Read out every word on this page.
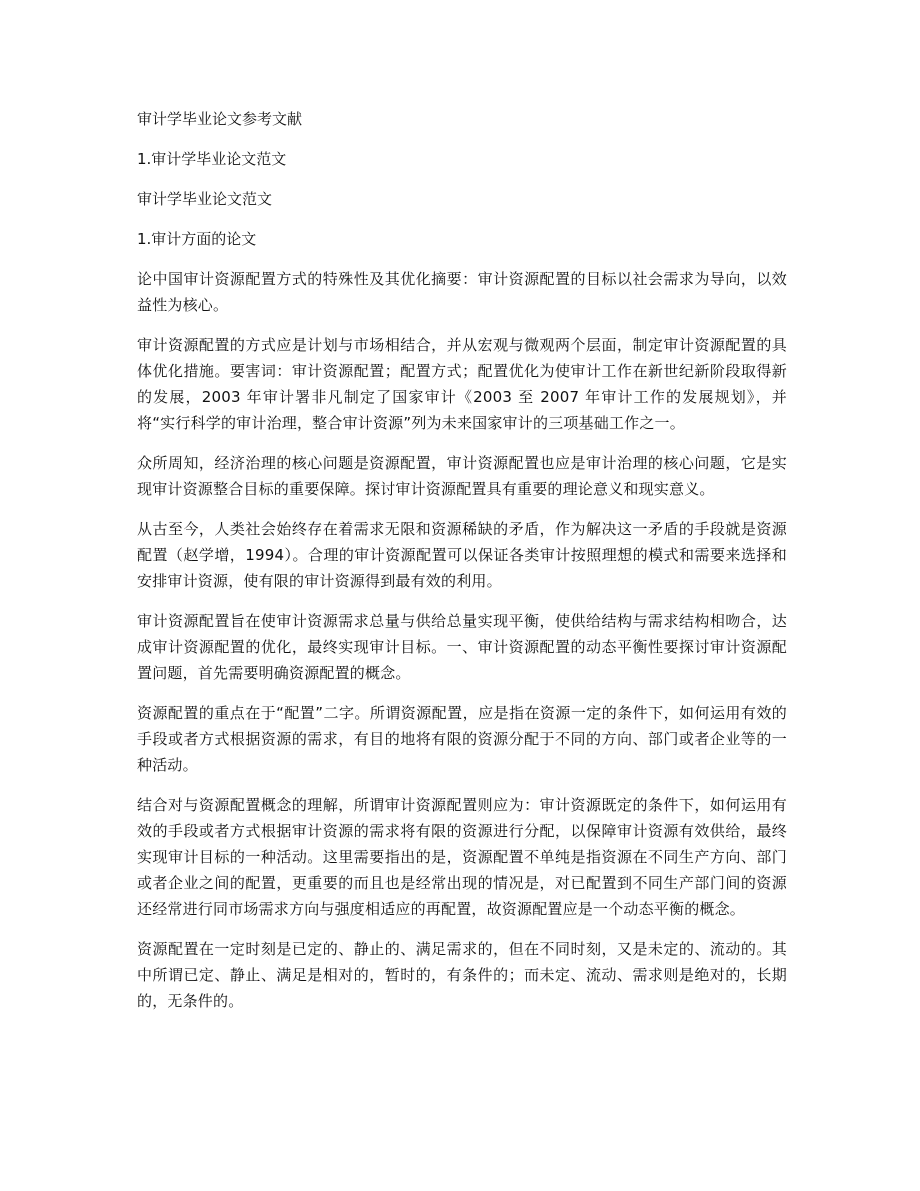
审计学毕业论文参考文献
1.审计学毕业论文范文
审计学毕业论文范文
1.审计方面的论文

论中国审计资源配置方式的特殊性及其优化摘要：审计资源配置的目标以社会需求为导向，以效益性为核心。

审计资源配置的方式应是计划与市场相结合，并从宏观与微观两个层面，制定审计资源配置的具体优化措施。要害词：审计资源配置；配置方式；配置优化为使审计工作在新世纪新阶段取得新的发展，2003 年审计署非凡制定了国家审计《2003 至 2007 年审计工作的发展规划》，并将“实行科学的审计治理，整合审计资源”列为未来国家审计的三项基础工作之一。

众所周知，经济治理的核心问题是资源配置，审计资源配置也应是审计治理的核心问题，它是实现审计资源整合目标的重要保障。探讨审计资源配置具有重要的理论意义和现实意义。

从古至今，人类社会始终存在着需求无限和资源稀缺的矛盾，作为解决这一矛盾的手段就是资源配置（赵学增，1994）。合理的审计资源配置可以保证各类审计按照理想的模式和需要来选择和安排审计资源，使有限的审计资源得到最有效的利用。

审计资源配置旨在使审计资源需求总量与供给总量实现平衡，使供给结构与需求结构相吻合，达成审计资源配置的优化，最终实现审计目标。一、审计资源配置的动态平衡性要探讨审计资源配置问题，首先需要明确资源配置的概念。

资源配置的重点在于“配置”二字。所谓资源配置，应是指在资源一定的条件下，如何运用有效的手段或者方式根据资源的需求，有目的地将有限的资源分配于不同的方向、部门或者企业等的一种活动。

结合对与资源配置概念的理解，所谓审计资源配置则应为：审计资源既定的条件下，如何运用有效的手段或者方式根据审计资源的需求将有限的资源进行分配，以保障审计资源有效供给，最终实现审计目标的一种活动。这里需要指出的是，资源配置不单纯是指资源在不同生产方向、部门或者企业之间的配置，更重要的而且也是经常出现的情况是，对已配置到不同生产部门间的资源还经常进行同市场需求方向与强度相适应的再配置，故资源配置应是一个动态平衡的概念。

资源配置在一定时刻是已定的、静止的、满足需求的，但在不同时刻，又是未定的、流动的。其中所谓已定、静止、满足是相对的，暂时的，有条件的；而未定、流动、需求则是绝对的，长期的，无条件的。
